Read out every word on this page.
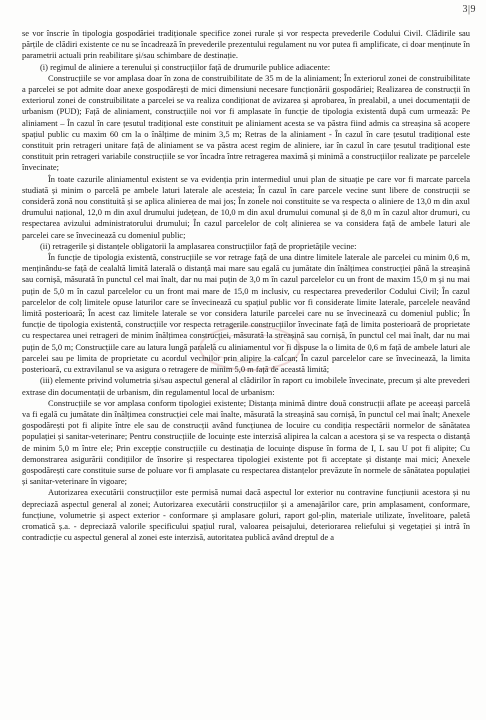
3|9

se vor înscrie în tipologia gospodăriei tradiționale specifice zonei rurale și vor respecta prevederile Codului Civil. Clădirile sau părțile de clădiri existente ce nu se încadrează în prevederile prezentului regulament nu vor putea fi amplificate, ci doar menținute în parametrii actuali prin reabilitare și/sau schimbare de destinație.

(i) regimul de aliniere a terenului și construcțiilor față de drumurile publice adiacente:

Construcțiile se vor amplasa doar în zona de construibilitate de 35 m de la aliniament; În exteriorul zonei de construibilitate a parcelei se pot admite doar anexe gospodărești de mici dimensiuni necesare funcționării gospodăriei; Realizarea de construcții în exteriorul zonei de construibilitate a parcelei se va realiza condiționat de avizarea și aprobarea, în prealabil, a unei documentații de urbanism (PUD); Față de aliniament, construcțiile noi vor fi amplasate în funcție de tipologia existentă după cum urmează: Pe aliniament – În cazul în care țesutul tradițional este constituit pe aliniament acesta se va păstra fiind admis ca streașina să acopere spațiul public cu maxim 60 cm la o înălțime de minim 3,5 m; Retras de la aliniament - În cazul în care țesutul tradițional este constituit prin retrageri unitare față de aliniament se va păstra acest regim de aliniere, iar în cazul în care țesutul tradițional este constituit prin retrageri variabile construcțiile se vor încadra între retragerea maximă și minimă a construcțiilor realizate pe parcelele învecinate;

În toate cazurile aliniamentul existent se va evidenția prin intermediul unui plan de situație pe care vor fi marcate parcela studiată și minim o parcelă pe ambele laturi laterale ale acesteia; În cazul în care parcele vecine sunt libere de construcții se consideră zonă nou constituită și se aplica alinierea de mai jos; În zonele noi constituite se va respecta o aliniere de 13,0 m din axul drumului național, 12,0 m din axul drumului județean, de 10,0 m din axul drumului comunal și de 8,0 m în cazul altor drumuri, cu respectarea avizului administratorului drumului; În cazul parcelelor de colț alinierea se va considera față de ambele laturi ale parcelei care se învecinează cu domeniul public;

(ii) retragerile și distanțele obligatorii la amplasarea construcțiilor față de proprietățile vecine:

În funcție de tipologia existentă, construcțiile se vor retrage față de una dintre limitele laterale ale parcelei cu minim 0,6 m, menținându-se față de cealaltă limită laterală o distanță mai mare sau egală cu jumătate din înălțimea construcției până la streașină sau cornișă, măsurată în punctul cel mai înalt, dar nu mai puțin de 3,0 m în cazul parcelelor cu un front de maxim 15,0 m și nu mai puțin de 5,0 m în cazul parcelelor cu un front mai mare de 15,0 m inclusiv, cu respectarea prevederilor Codului Civil; În cazul parcelelor de colț limitele opuse laturilor care se învecinează cu spațiul public vor fi considerate limite laterale, parcelele neavând limită posterioară; În acest caz limitele laterale se vor considera laturile parcelei care nu se învecinează cu domeniul public; În funcție de tipologia existentă, construcțiile vor respecta retragerile construcțiilor învecinate față de limita posterioară de proprietate cu respectarea unei retrageri de minim înălțimea construcției, măsurată la streașină sau cornișă, în punctul cel mai înalt, dar nu mai puțin de 5,0 m; Construcțiile care au latura lungă paralelă cu aliniamentul vor fi dispuse la o limita de 0,6 m față de ambele laturi ale parcelei sau pe limita de proprietate cu acordul vecinilor prin alipire la calcan; În cazul parcelelor care se învecinează, la limita posterioară, cu extravilanul se va asigura o retragere de minim 5,0 m față de această limită;

(iii) elemente privind volumetria și/sau aspectul general al clădirilor în raport cu imobilele învecinate, precum și alte prevederi extrase din documentații de urbanism, din regulamentul local de urbanism:

Construcțiile se vor amplasa conform tipologiei existente; Distanța minimă dintre două construcții aflate pe aceeași parcelă va fi egală cu jumătate din înălțimea construcției cele mai înalte, măsurată la streașină sau cornișă, în punctul cel mai înalt; Anexele gospodărești pot fi alipite între ele sau de construcții având funcțiunea de locuire cu condiția respectării normelor de sănătatea populației și sanitar-veterinare; Pentru construcțiile de locuințe este interzisă alipirea la calcan a acestora și se va respecta o distanță de minim 5,0 m între ele; Prin excepție construcțiile cu destinația de locuințe dispuse în forma de I, L sau U pot fi alipite; Cu demonstrarea asigurării condițiilor de însorire și respectarea tipologiei existente pot fi acceptate și distanțe mai mici; Anexele gospodărești care constituie surse de poluare vor fi amplasate cu respectarea distanțelor prevăzute în normele de sănătatea populației și sanitar-veterinare în vigoare;

Autorizarea executării construcțiilor este permisă numai dacă aspectul lor exterior nu contravine funcțiunii acestora și nu depreciază aspectul general al zonei; Autorizarea executării construcțiilor și a amenajărilor care, prin amplasament, conformare, funcțiune, volumetrie și aspect exterior - conformare și amplasare goluri, raport gol-plin, materiale utilizate, învelitoare, paletă cromatică ș.a. - depreciază valorile specificului spațiul rural, valoarea peisajului, deteriorarea reliefului și vegetației și intră în contradicție cu aspectul general al zonei este interzisă, autoritatea publică având dreptul de a
